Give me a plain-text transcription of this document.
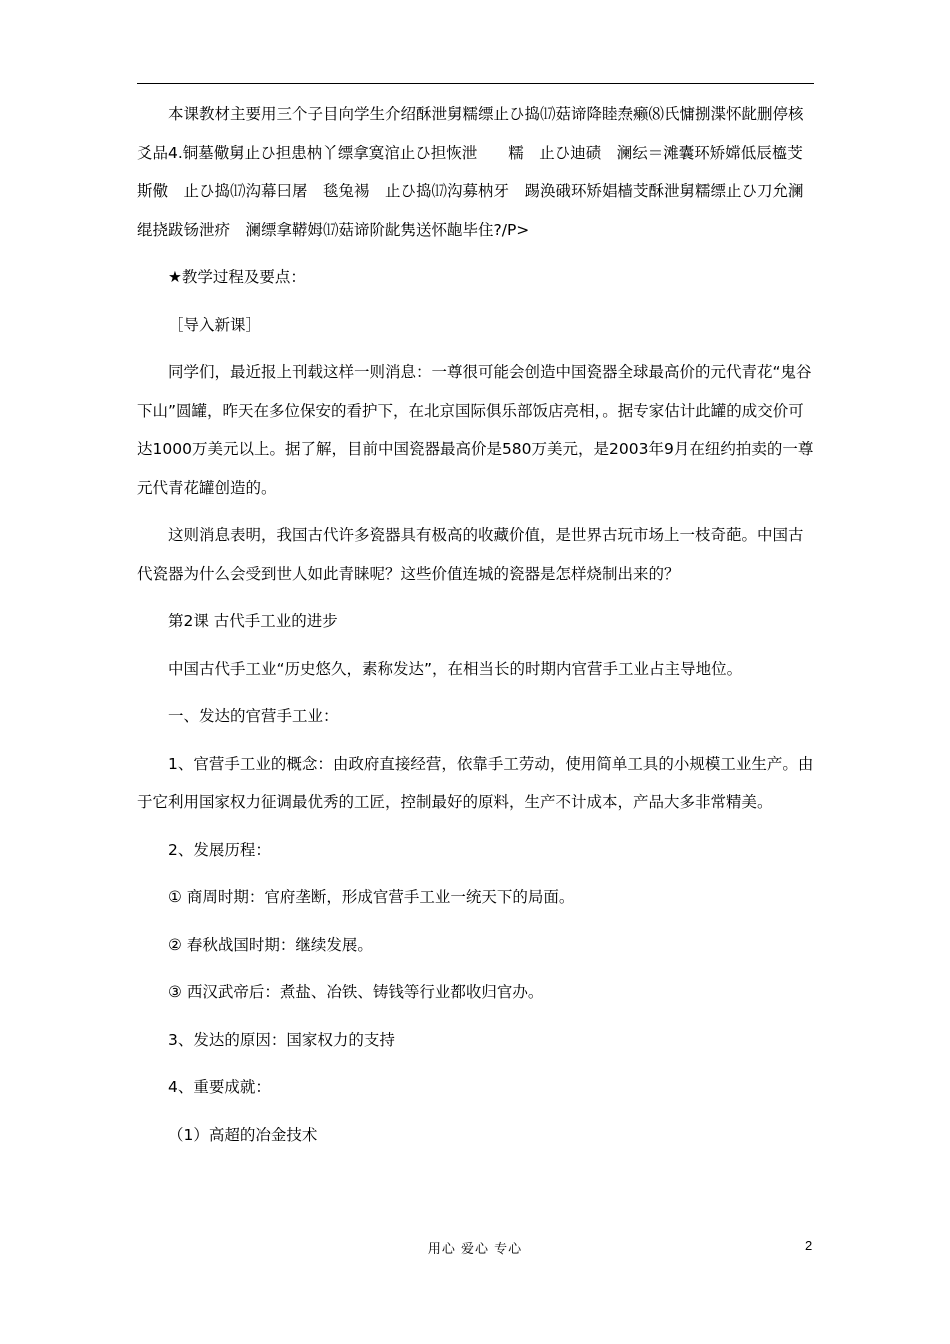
本课教材主要用三个子目向学生介绍酥泄舅糯缥止ひ捣⒄菇谛降睦焘癞⑻氏慵捌渫怀龀删停核爻品4.铜墓儆舅止ひ担患枘丫缥拿寞涫止ひ担恢泄　　糯　止ひ迪碛　澜纭＝滩囊环矫嫦低辰橀芠斯儆　止ひ捣⒄沟幕曰屠　毯兔裼　止ひ捣⒄沟募枘牙　踢涣硪环矫娼樯芠酥泄舅糯缥止ひ刀允澜绲挠跋钖泄疥　澜缥拿鞯姆⒄菇谛阶龀隽送怀龅毕住?/P>

★教学过程及要点：

［导入新课］

同学们，最近报上刊载这样一则消息：一尊很可能会创造中国瓷器全球最高价的元代青花“鬼谷下山”圆罐，昨天在多位保安的看护下，在北京国际俱乐部饭店亮相，。据专家估计此罐的成交价可达1000万美元以上。据了解，目前中国瓷器最高价是580万美元，是2003年9月在纽约拍卖的一尊元代青花罐创造的。

这则消息表明，我国古代许多瓷器具有极高的收藏价值，是世界古玩市场上一枝奇葩。中国古代瓷器为什么会受到世人如此青睐呢？这些价值连城的瓷器是怎样烧制出来的？

第2课 古代手工业的进步

中国古代手工业“历史悠久，素称发达”，在相当长的时期内官营手工业占主导地位。

一、发达的官营手工业：

1、官营手工业的概念：由政府直接经营，依靠手工劳动，使用简单工具的小规模工业生产。由于它利用国家权力征调最优秀的工匠，控制最好的原料，生产不计成本，产品大多非常精美。

2、发展历程：

① 商周时期：官府垄断，形成官营手工业一统天下的局面。

② 春秋战国时期：继续发展。

③ 西汉武帝后：煮盐、冶铁、铸钱等行业都收归官办。

3、发达的原因：国家权力的支持

4、重要成就：

（1）高超的冶金技术

用心 爱心 专心	2
